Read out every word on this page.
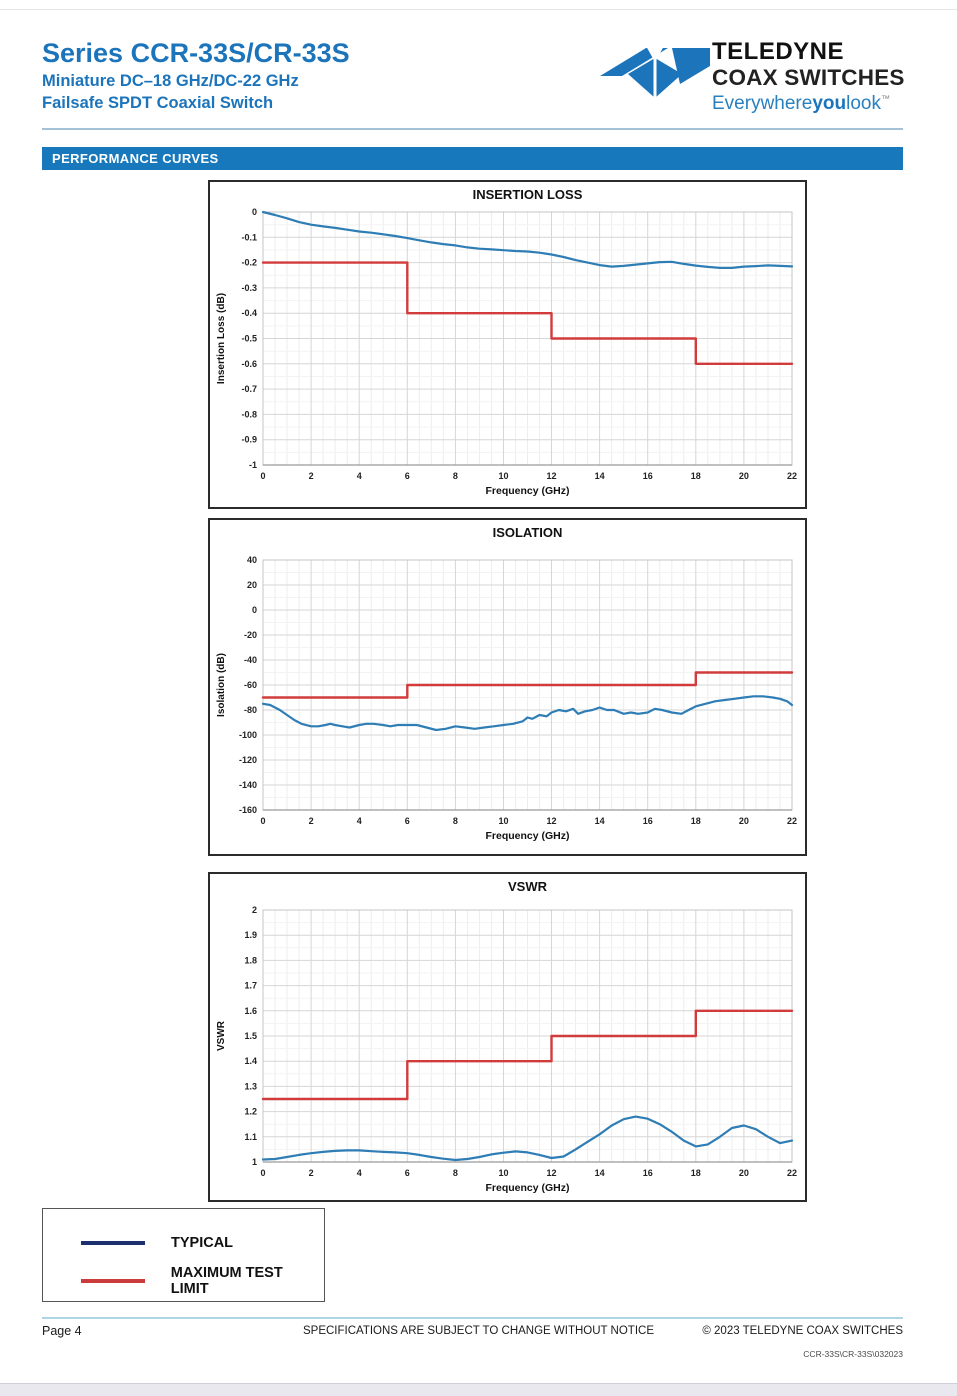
Series CCR-33S/CR-33S
Miniature DC–18 GHz/DC-22 GHz
Failsafe SPDT Coaxial Switch
TELEDYNE
COAX SWITCHES
Everywhereyoulook™
PERFORMANCE CURVES
0
-0.1
-0.2
-0.3
-0.4
-0.5
-0.6
-0.7
-0.8
-0.9
-1
0	2	4	6	8	10	12	14	16	18	20	22
INSERTION LOSS
Frequency (GHz)
Insertion Loss (dB)
40
20
0
-20
-40
-60
-80
-100
-120
-140
-160
0	2	4	6	8	10	12	14	16	18	20	22
ISOLATION
Frequency (GHz)
Isolation (dB)
2
1.9
1.8
1.7
1.6
1.5
1.4
1.3
1.2
1.1
1
0	2	4	6	8	10	12	14	16	18	20	22
VSWR
Frequency (GHz)
VSWR
TYPICAL
MAXIMUM TEST LIMIT
Page 4	SPECIFICATIONS ARE SUBJECT TO CHANGE WITHOUT NOTICE	© 2023 TELEDYNE COAX SWITCHES
CCR-33S\CR-33S\032023
